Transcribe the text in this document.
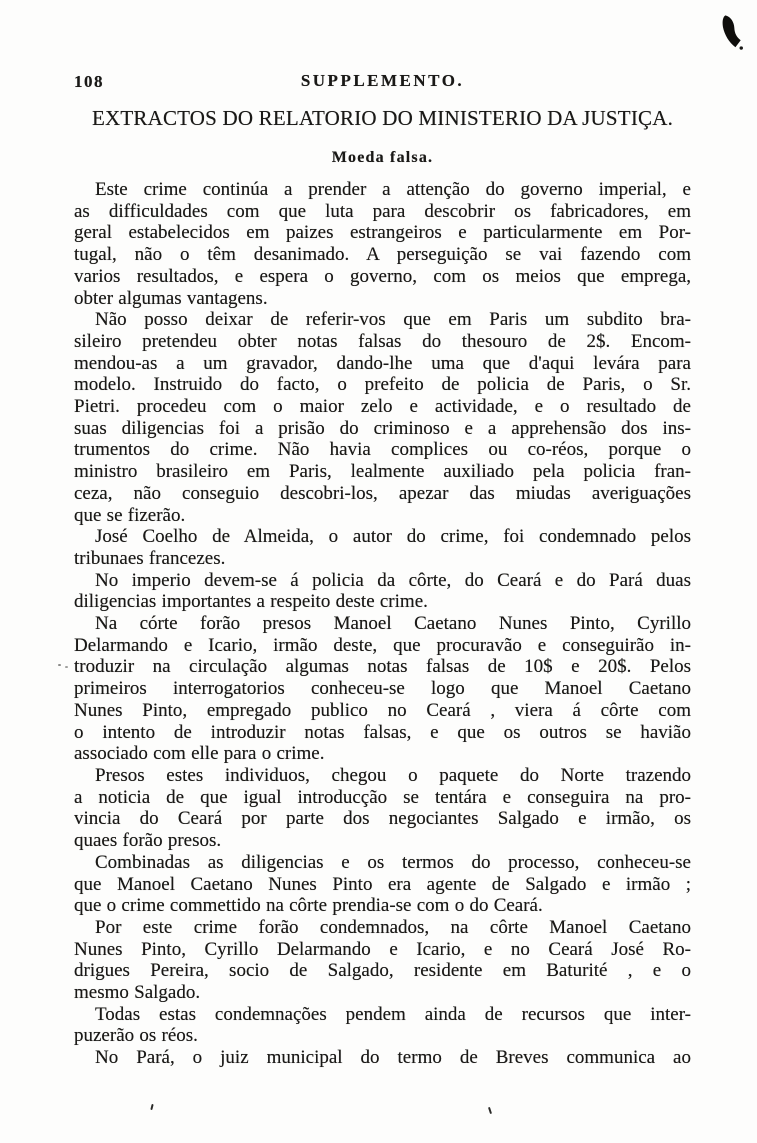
108	SUPPLEMENTO.
EXTRACTOS DO RELATORIO DO MINISTERIO DA JUSTIÇA.
Moeda falsa.
Este crime continúa a prender a attenção do governo imperial, e
as difficuldades com que luta para descobrir os fabricadores, em
geral estabelecidos em paizes estrangeiros e particularmente em Por-
tugal, não o têm desanimado. A perseguição se vai fazendo com
varios resultados, e espera o governo, com os meios que emprega,
obter algumas vantagens.
Não posso deixar de referir-vos que em Paris um subdito bra-
sileiro pretendeu obter notas falsas do thesouro de 2$. Encom-
mendou-as a um gravador, dando-lhe uma que d'aqui levára para
modelo. Instruido do facto, o prefeito de policia de Paris, o Sr.
Pietri. procedeu com o maior zelo e actividade, e o resultado de
suas diligencias foi a prisão do criminoso e a apprehensão dos ins-
trumentos do crime. Não havia complices ou co-réos, porque o
ministro brasileiro em Paris, lealmente auxiliado pela policia fran-
ceza, não conseguio descobri-los, apezar das miudas averiguações
que se fizerão.
José Coelho de Almeida, o autor do crime, foi condemnado pelos
tribunaes francezes.
No imperio devem-se á policia da côrte, do Ceará e do Pará duas
diligencias importantes a respeito deste crime.
Na córte forão presos Manoel Caetano Nunes Pinto, Cyrillo
Delarmando e Icario, irmão deste, que procuravão e conseguirão in-
troduzir na circulação algumas notas falsas de 10$ e 20$. Pelos
primeiros interrogatorios conheceu-se logo que Manoel Caetano
Nunes Pinto, empregado publico no Ceará , viera á côrte com
o intento de introduzir notas falsas, e que os outros se havião
associado com elle para o crime.
Presos estes individuos, chegou o paquete do Norte trazendo
a noticia de que igual introducção se tentára e conseguira na pro-
vincia do Ceará por parte dos negociantes Salgado e irmão, os
quaes forão presos.
Combinadas as diligencias e os termos do processo, conheceu-se
que Manoel Caetano Nunes Pinto era agente de Salgado e irmão ;
que o crime commettido na côrte prendia-se com o do Ceará.
Por este crime forão condemnados, na côrte Manoel Caetano
Nunes Pinto, Cyrillo Delarmando e Icario, e no Ceará José Ro-
drigues Pereira, socio de Salgado, residente em Baturité , e o
mesmo Salgado.
Todas estas condemnações pendem ainda de recursos que inter-
puzerão os réos.
No Pará, o juiz municipal do termo de Breves communica ao
